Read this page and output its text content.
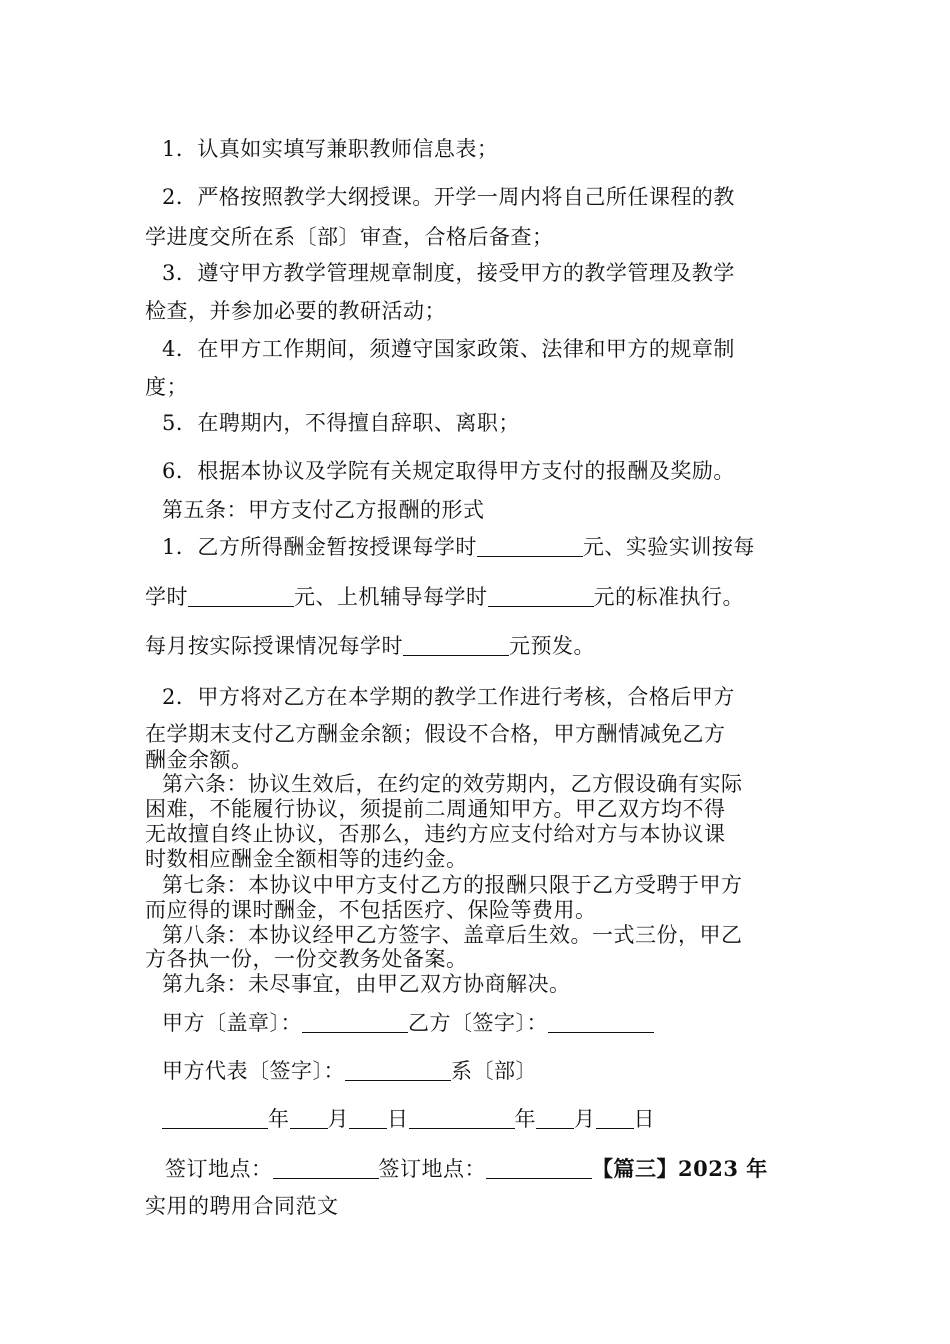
1．认真如实填写兼职教师信息表；
2．严格按照教学大纲授课。开学一周内将自己所任课程的教
学进度交所在系〔部〕审查，合格后备查；
3．遵守甲方教学管理规章制度，接受甲方的教学管理及教学
检查，并参加必要的教研活动；
4．在甲方工作期间，须遵守国家政策、法律和甲方的规章制
度；
5．在聘期内，不得擅自辞职、离职；
6．根据本协议及学院有关规定取得甲方支付的报酬及奖励。
第五条：甲方支付乙方报酬的形式
1．乙方所得酬金暂按授课每学时	元、实验实训按每
学时	元、上机辅导每学时	元的标准执行。
每月按实际授课情况每学时	元预发。
2．甲方将对乙方在本学期的教学工作进行考核，合格后甲方
在学期末支付乙方酬金余额；假设不合格，甲方酬情减免乙方
酬金余额。
第六条：协议生效后，在约定的效劳期内，乙方假设确有实际
困难，不能履行协议，须提前二周通知甲方。甲乙双方均不得
无故擅自终止协议，否那么，违约方应支付给对方与本协议课
时数相应酬金全额相等的违约金。
第七条：本协议中甲方支付乙方的报酬只限于乙方受聘于甲方
而应得的课时酬金，不包括医疗、保险等费用。
第八条：本协议经甲乙方签字、盖章后生效。一式三份，甲乙
方各执一份，一份交教务处备案。
第九条：未尽事宜，由甲乙双方协商解决。
甲方〔盖章〕：	乙方〔签字〕：
甲方代表〔签字〕：	系〔部〕
年 月 日	年 月 日
签订地点：	签订地点：	【篇三】2023 年
实用的聘用合同范文
